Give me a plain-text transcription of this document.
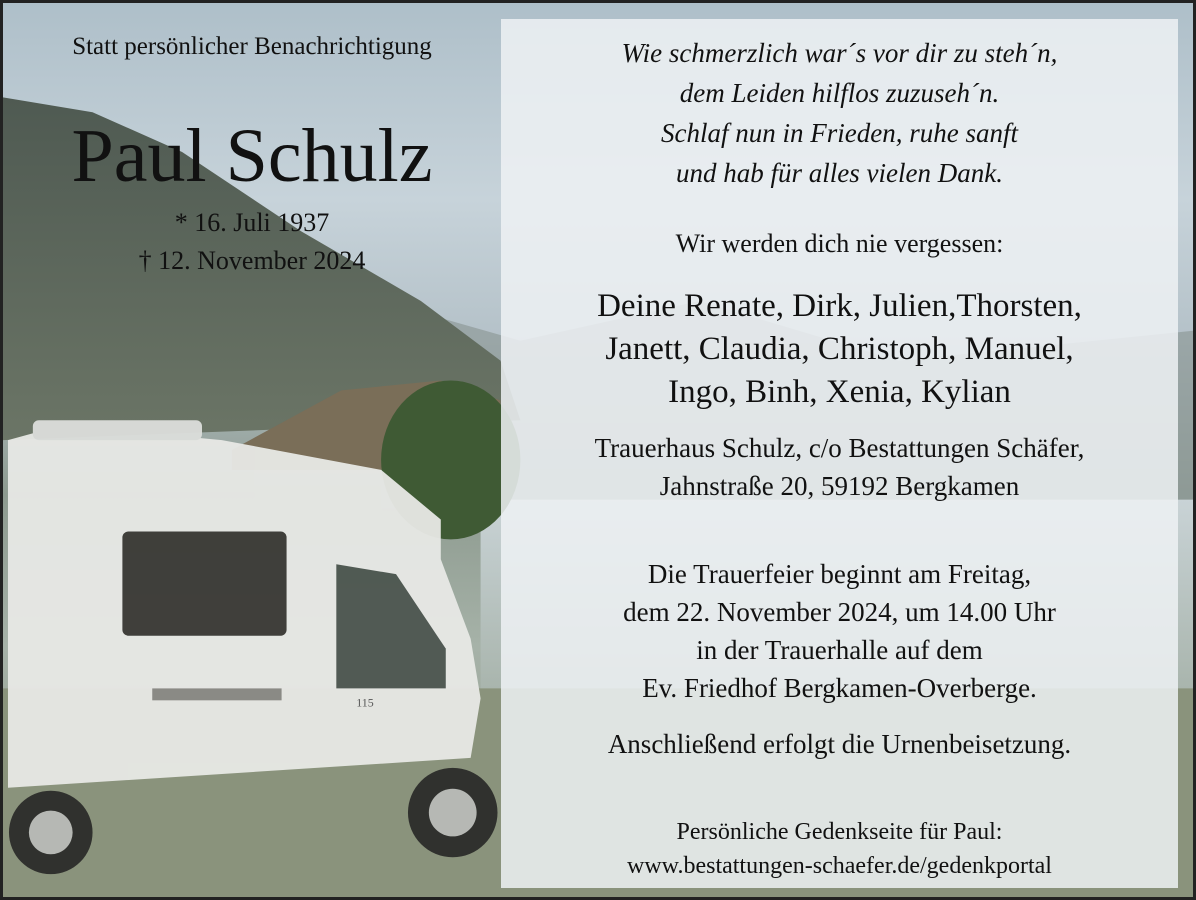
115
Statt persönlicher Benachrichtigung
Paul Schulz
* 16. Juli 1937
† 12. November 2024
Wie schmerzlich war´s vor dir zu steh´n,
dem Leiden hilflos zuzuseh´n.
Schlaf nun in Frieden, ruhe sanft
und hab für alles vielen Dank.
Wir werden dich nie vergessen:
Deine Renate, Dirk, Julien,Thorsten,
Janett, Claudia, Christoph, Manuel,
Ingo, Binh, Xenia, Kylian
Trauerhaus Schulz, c/o Bestattungen Schäfer,
Jahnstraße 20, 59192 Bergkamen
Die Trauerfeier beginnt am Freitag,
dem 22. November 2024, um 14.00 Uhr
in der Trauerhalle auf dem
Ev. Friedhof Bergkamen-Overberge.
Anschließend erfolgt die Urnenbeisetzung.
Persönliche Gedenkseite für Paul:
www.bestattungen-schaefer.de/gedenkportal
